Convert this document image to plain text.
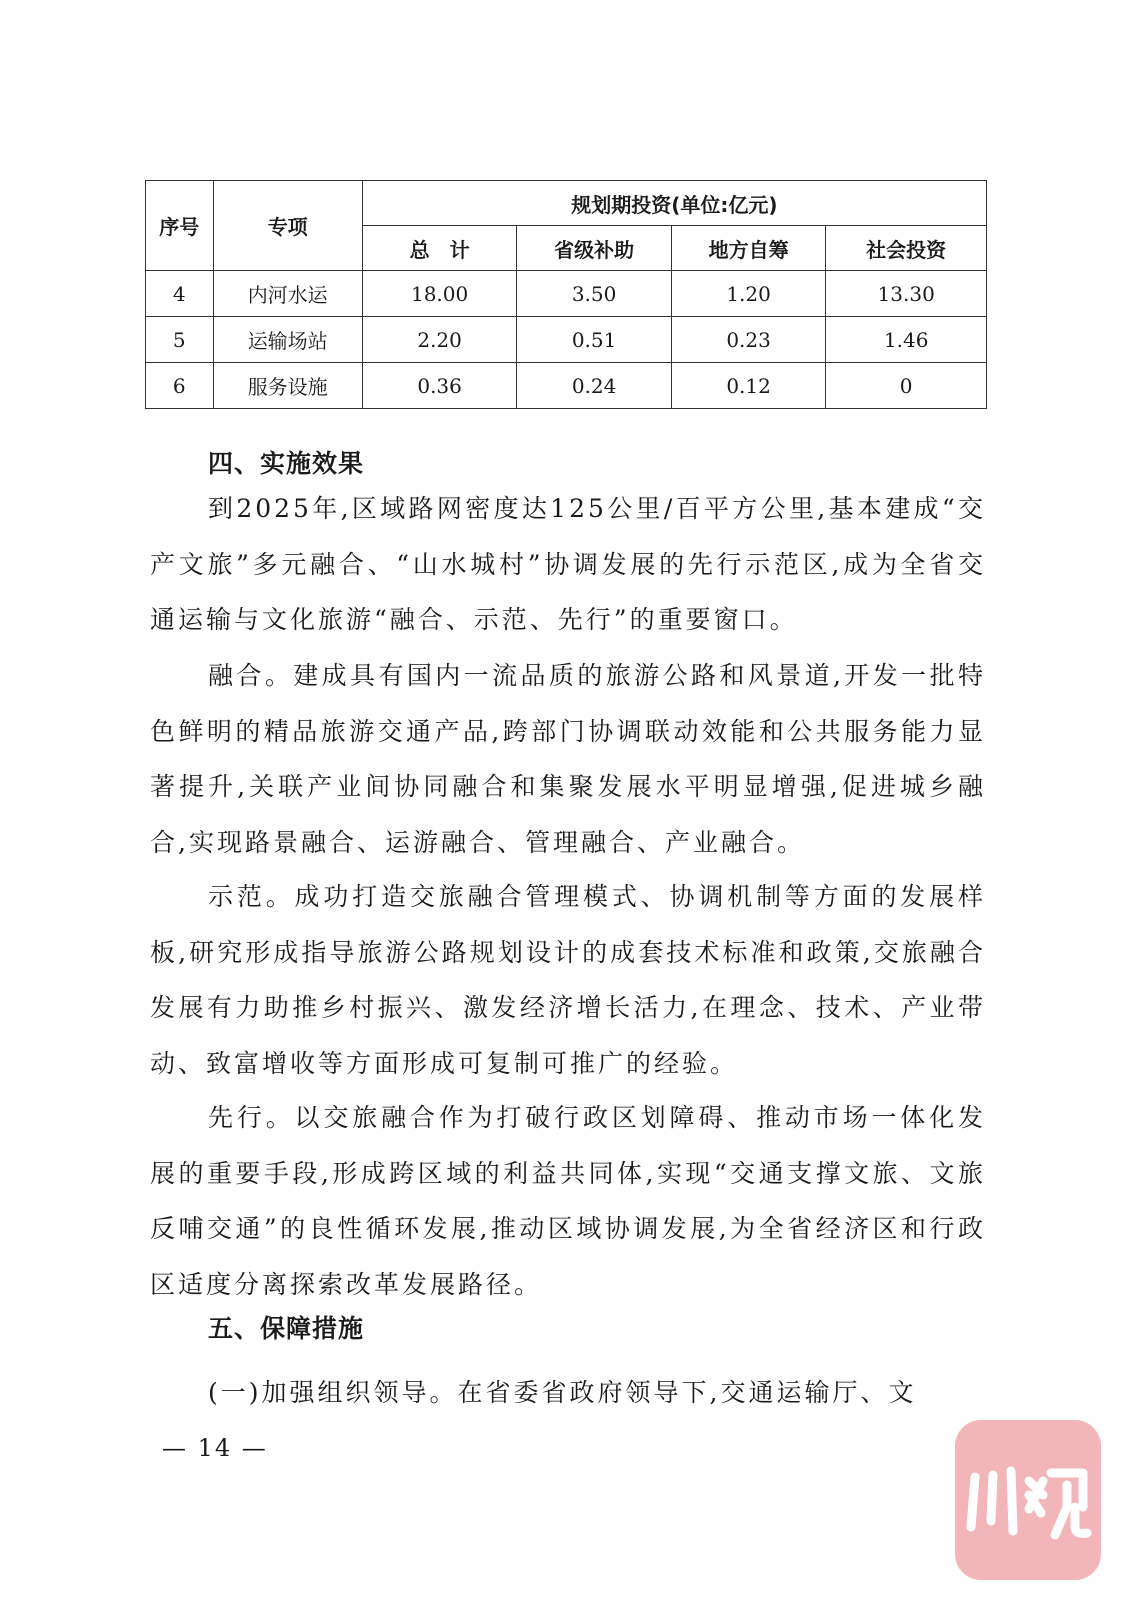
序号	专项	规划期投资(单位:亿元)			
		总　计	省级补助	地方自筹	社会投资
4	内河水运	18.00	3.50	1.20	13.30
5	运输场站	2.20	0.51	0.23	1.46
6	服务设施	0.36	0.24	0.12	0
四、实施效果
到2025年,区域路网密度达125公里/百平方公里,基本建成“交产文旅”多元融合、“山水城村”协调发展的先行示范区,成为全省交通运输与文化旅游“融合、示范、先行”的重要窗口。
融合。建成具有国内一流品质的旅游公路和风景道,开发一批特色鲜明的精品旅游交通产品,跨部门协调联动效能和公共服务能力显著提升,关联产业间协同融合和集聚发展水平明显增强,促进城乡融合,实现路景融合、运游融合、管理融合、产业融合。
示范。成功打造交旅融合管理模式、协调机制等方面的发展样板,研究形成指导旅游公路规划设计的成套技术标准和政策,交旅融合发展有力助推乡村振兴、激发经济增长活力,在理念、技术、产业带动、致富增收等方面形成可复制可推广的经验。
先行。以交旅融合作为打破行政区划障碍、推动市场一体化发展的重要手段,形成跨区域的利益共同体,实现“交通支撑文旅、文旅反哺交通”的良性循环发展,推动区域协调发展,为全省经济区和行政区适度分离探索改革发展路径。
五、保障措施
(一)加强组织领导。在省委省政府领导下,交通运输厅、文
— 14 —
